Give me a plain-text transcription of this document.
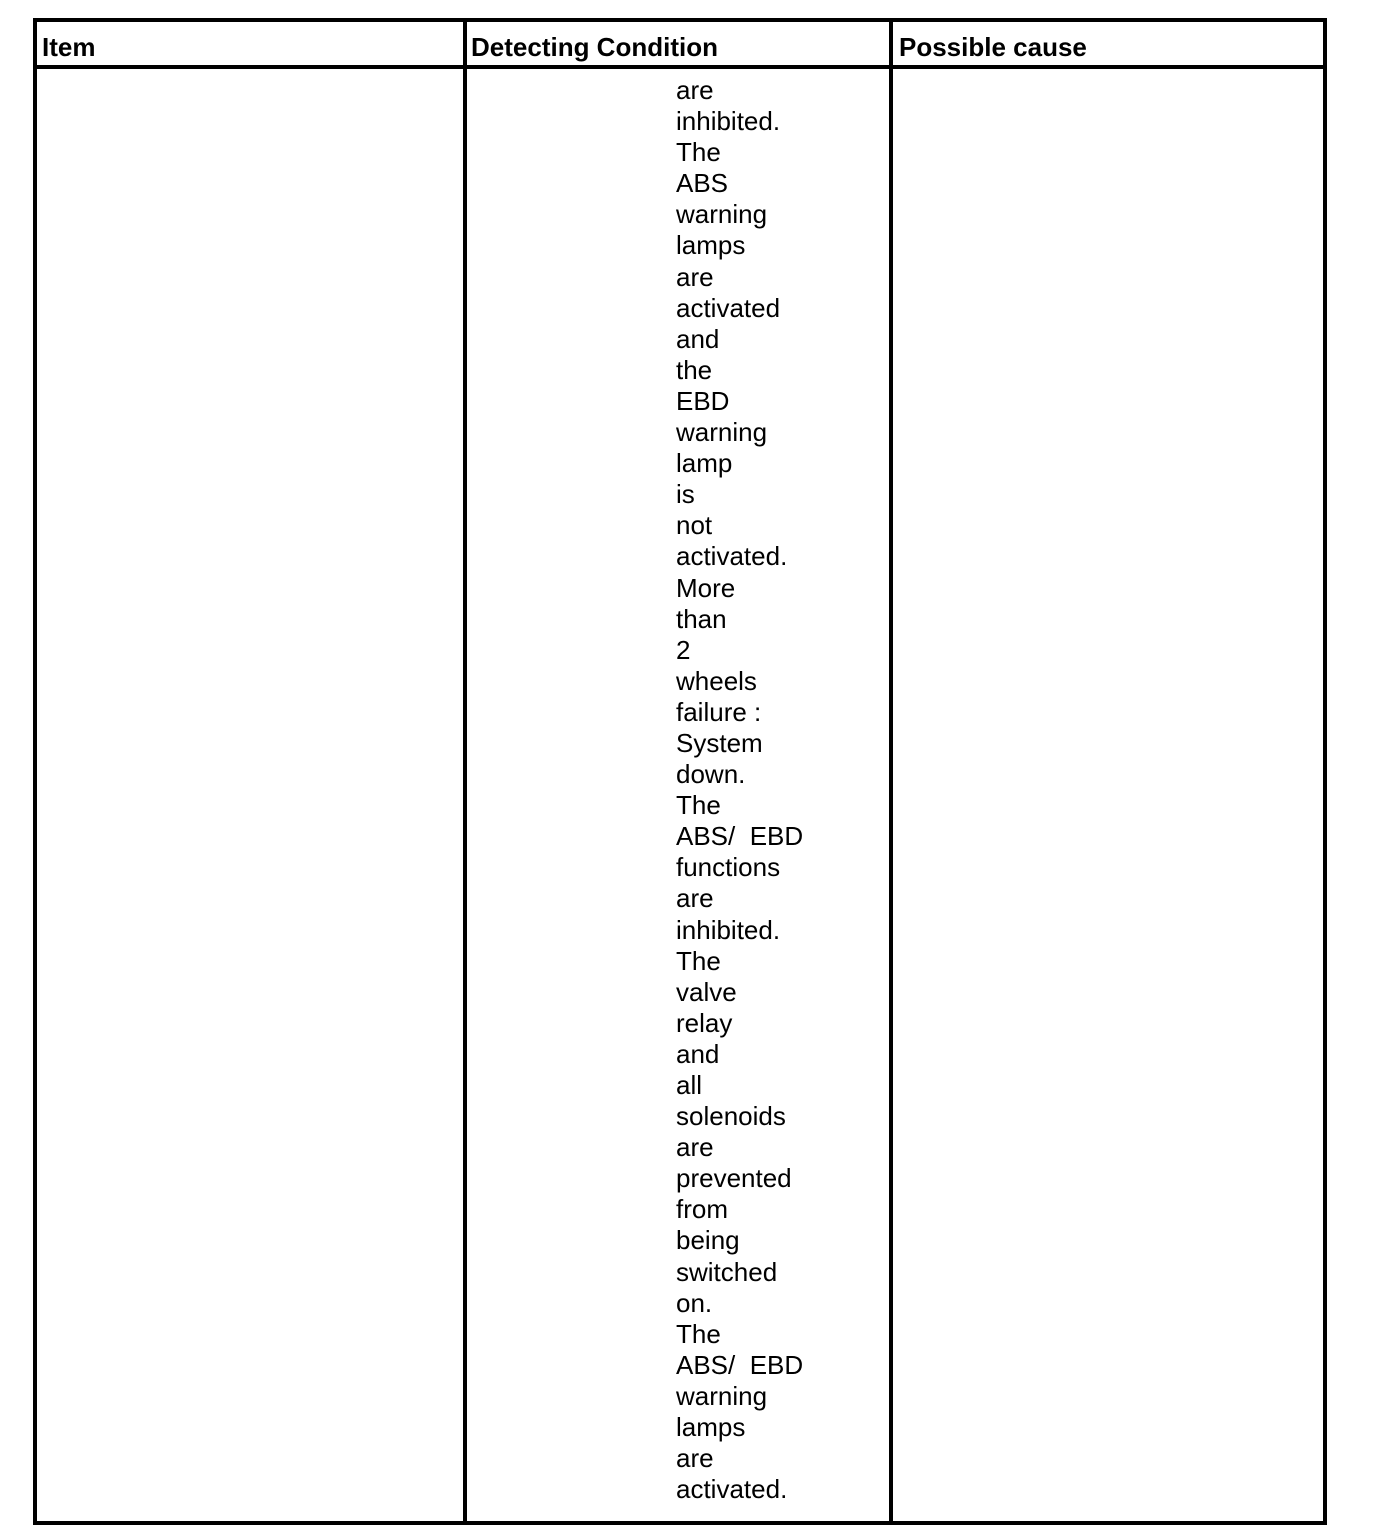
Item	Detecting Condition	Possible cause
are
inhibited.
The
ABS
warning
lamps
are
activated
and
the
EBD
warning
lamp
is
not
activated.
More
than
2
wheels
failure :
System
down.
The
ABS/  EBD
functions
are
inhibited.
The
valve
relay
and
all
solenoids
are
prevented
from
being
switched
on.
The
ABS/  EBD
warning
lamps
are
activated.
